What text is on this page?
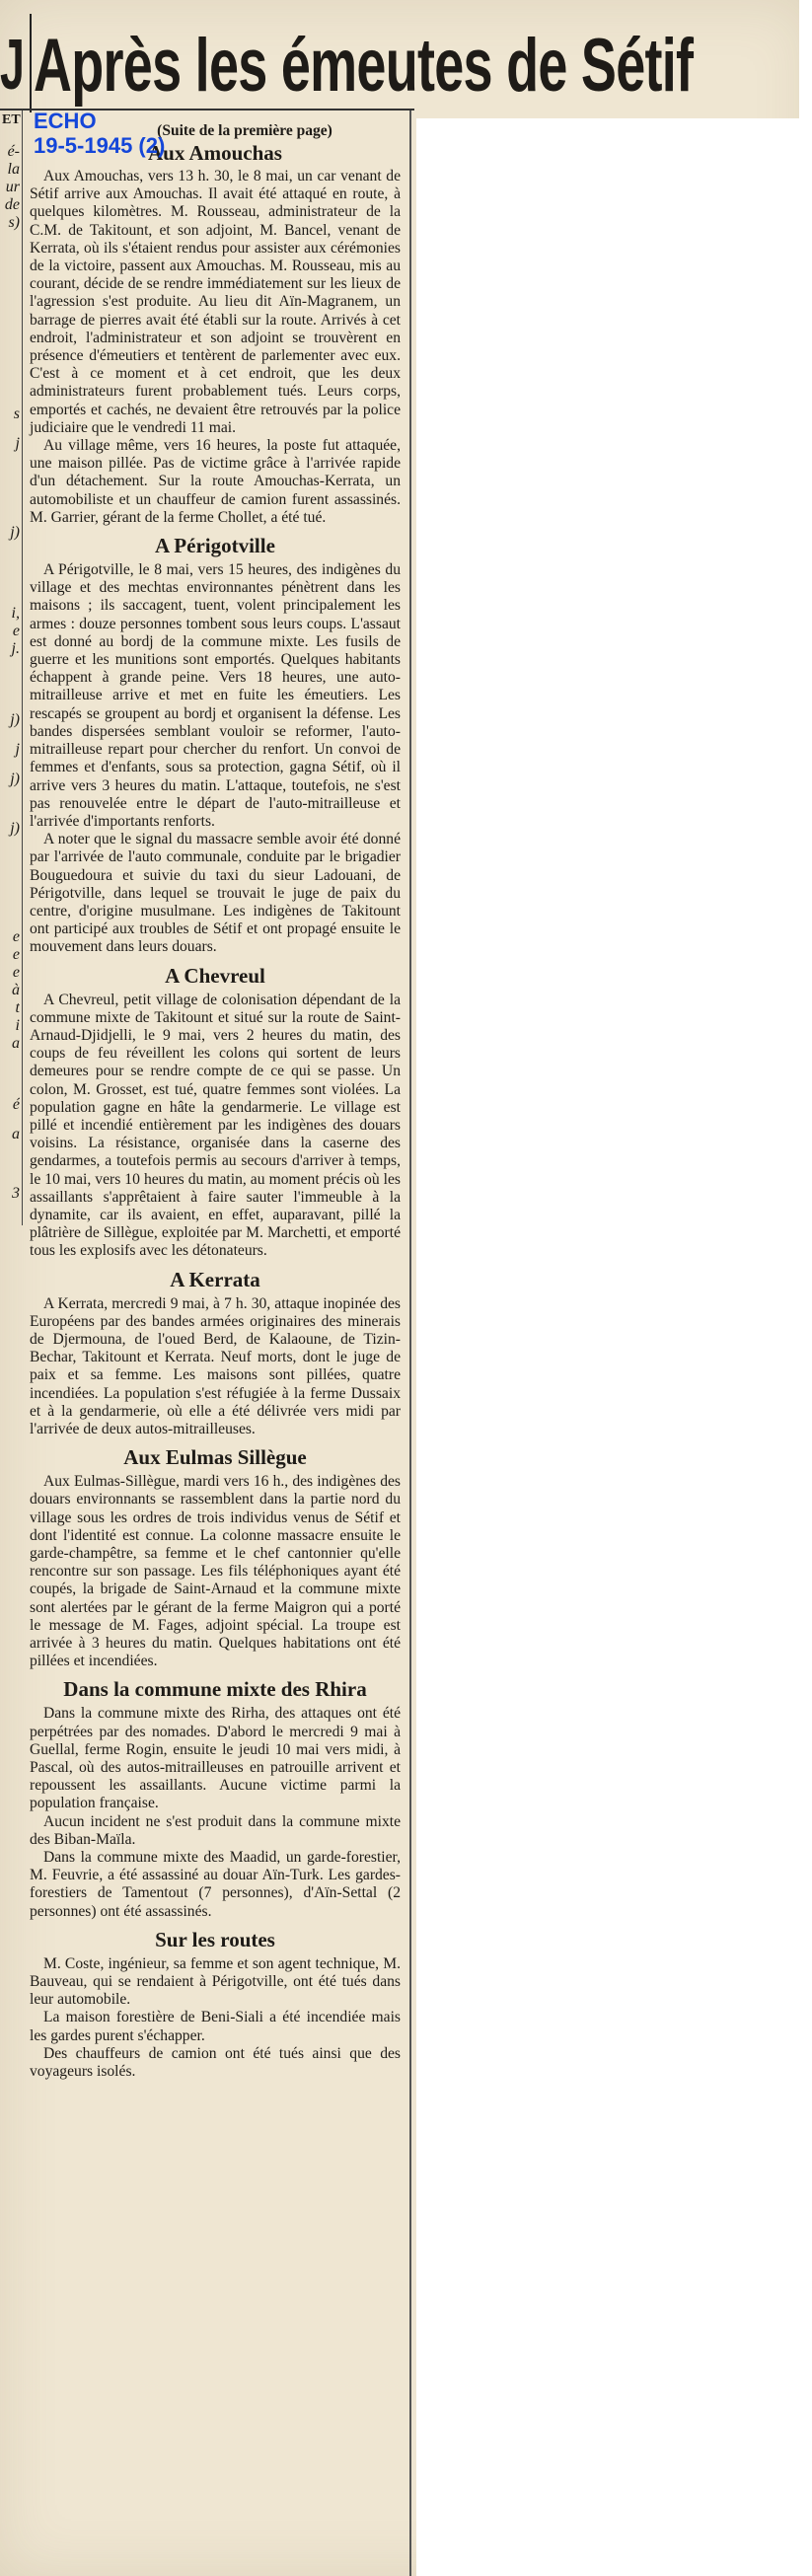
J Après les émeutes de Sétif
ET
é-
la
ur
de
s)
s
j
j)
i,
e
j.
j)
j
j)
j)
e
e
e
à
t
i
a
é
a
3
ECHO
19-5-1945 (2)
(Suite de la première page)
Aux Amouchas

Aux Amouchas, vers 13 h. 30, le 8 mai, un car venant de Sétif arrive aux Amouchas. Il avait été attaqué en route, à quelques kilomètres. M. Rousseau, administrateur de la C.M. de Takitount, et son adjoint, M. Bancel, venant de Kerrata, où ils s'étaient rendus pour assister aux cérémonies de la victoire, passent aux Amouchas. M. Rousseau, mis au courant, décide de se rendre immédiatement sur les lieux de l'agression s'est produite. Au lieu dit Aïn-Magranem, un barrage de pierres avait été établi sur la route. Arrivés à cet endroit, l'administrateur et son adjoint se trouvèrent en présence d'émeutiers et tentèrent de parlementer avec eux. C'est à ce moment et à cet endroit, que les deux administrateurs furent probablement tués. Leurs corps, emportés et cachés, ne devaient être retrouvés par la police judiciaire que le vendredi 11 mai.

Au village même, vers 16 heures, la poste fut attaquée, une maison pillée. Pas de victime grâce à l'arrivée rapide d'un détachement. Sur la route Amouchas-Kerrata, un automobiliste et un chauffeur de camion furent assassinés. M. Garrier, gérant de la ferme Chollet, a été tué.

A Périgotville

A Périgotville, le 8 mai, vers 15 heures, des indigènes du village et des mechtas environnantes pénètrent dans les maisons ; ils saccagent, tuent, volent principalement les armes : douze personnes tombent sous leurs coups. L'assaut est donné au bordj de la commune mixte. Les fusils de guerre et les munitions sont emportés. Quelques habitants échappent à grande peine. Vers 18 heures, une auto-mitrailleuse arrive et met en fuite les émeutiers. Les rescapés se groupent au bordj et organisent la défense. Les bandes dispersées semblant vouloir se reformer, l'auto-mitrailleuse repart pour chercher du renfort. Un convoi de femmes et d'enfants, sous sa protection, gagna Sétif, où il arrive vers 3 heures du matin. L'attaque, toutefois, ne s'est pas renouvelée entre le départ de l'auto-mitrailleuse et l'arrivée d'importants renforts.

A noter que le signal du massacre semble avoir été donné par l'arrivée de l'auto communale, conduite par le brigadier Bouguedoura et suivie du taxi du sieur Ladouani, de Périgotville, dans lequel se trouvait le juge de paix du centre, d'origine musulmane. Les indigènes de Takitount ont participé aux troubles de Sétif et ont propagé ensuite le mouvement dans leurs douars.

A Chevreul

A Chevreul, petit village de colonisation dépendant de la commune mixte de Takitount et situé sur la route de Saint-Arnaud-Djidjelli, le 9 mai, vers 2 heures du matin, des coups de feu réveillent les colons qui sortent de leurs demeures pour se rendre compte de ce qui se passe. Un colon, M. Grosset, est tué, quatre femmes sont violées. La population gagne en hâte la gendarmerie. Le village est pillé et incendié entièrement par les indigènes des douars voisins. La résistance, organisée dans la caserne des gendarmes, a toutefois permis au secours d'arriver à temps, le 10 mai, vers 10 heures du matin, au moment précis où les assaillants s'apprêtaient à faire sauter l'immeuble à la dynamite, car ils avaient, en effet, auparavant, pillé la plâtrière de Sillègue, exploitée par M. Marchetti, et emporté tous les explosifs avec les détonateurs.

A Kerrata

A Kerrata, mercredi 9 mai, à 7 h. 30, attaque inopinée des Européens par des bandes armées originaires des minerais de Djermouna, de l'oued Berd, de Kalaoune, de Tizin-Bechar, Takitount et Kerrata. Neuf morts, dont le juge de paix et sa femme. Les maisons sont pillées, quatre incendiées. La population s'est réfugiée à la ferme Dussaix et à la gendarmerie, où elle a été délivrée vers midi par l'arrivée de deux autos-mitrailleuses.

Aux Eulmas Sillègue

Aux Eulmas-Sillègue, mardi vers 16 h., des indigènes des douars environnants se rassemblent dans la partie nord du village sous les ordres de trois individus venus de Sétif et dont l'identité est connue. La colonne massacre ensuite le garde-champêtre, sa femme et le chef cantonnier qu'elle rencontre sur son passage. Les fils téléphoniques ayant été coupés, la brigade de Saint-Arnaud et la commune mixte sont alertées par le gérant de la ferme Maigron qui a porté le message de M. Fages, adjoint spécial. La troupe est arrivée à 3 heures du matin. Quelques habitations ont été pillées et incendiées.

Dans la commune mixte des Rhira

Dans la commune mixte des Rirha, des attaques ont été perpétrées par des nomades. D'abord le mercredi 9 mai à Guellal, ferme Rogin, ensuite le jeudi 10 mai vers midi, à Pascal, où des autos-mitrailleuses en patrouille arrivent et repoussent les assaillants. Aucune victime parmi la population française.

Aucun incident ne s'est produit dans la commune mixte des Biban-Maïla.

Dans la commune mixte des Maadid, un garde-forestier, M. Feuvrie, a été assassiné au douar Aïn-Turk. Les gardes-forestiers de Tamentout (7 personnes), d'Aïn-Settal (2 personnes) ont été assassinés.

Sur les routes

M. Coste, ingénieur, sa femme et son agent technique, M. Bauveau, qui se rendaient à Périgotville, ont été tués dans leur automobile.

La maison forestière de Beni-Siali a été incendiée mais les gardes purent s'échapper.

Des chauffeurs de camion ont été tués ainsi que des voyageurs isolés.
